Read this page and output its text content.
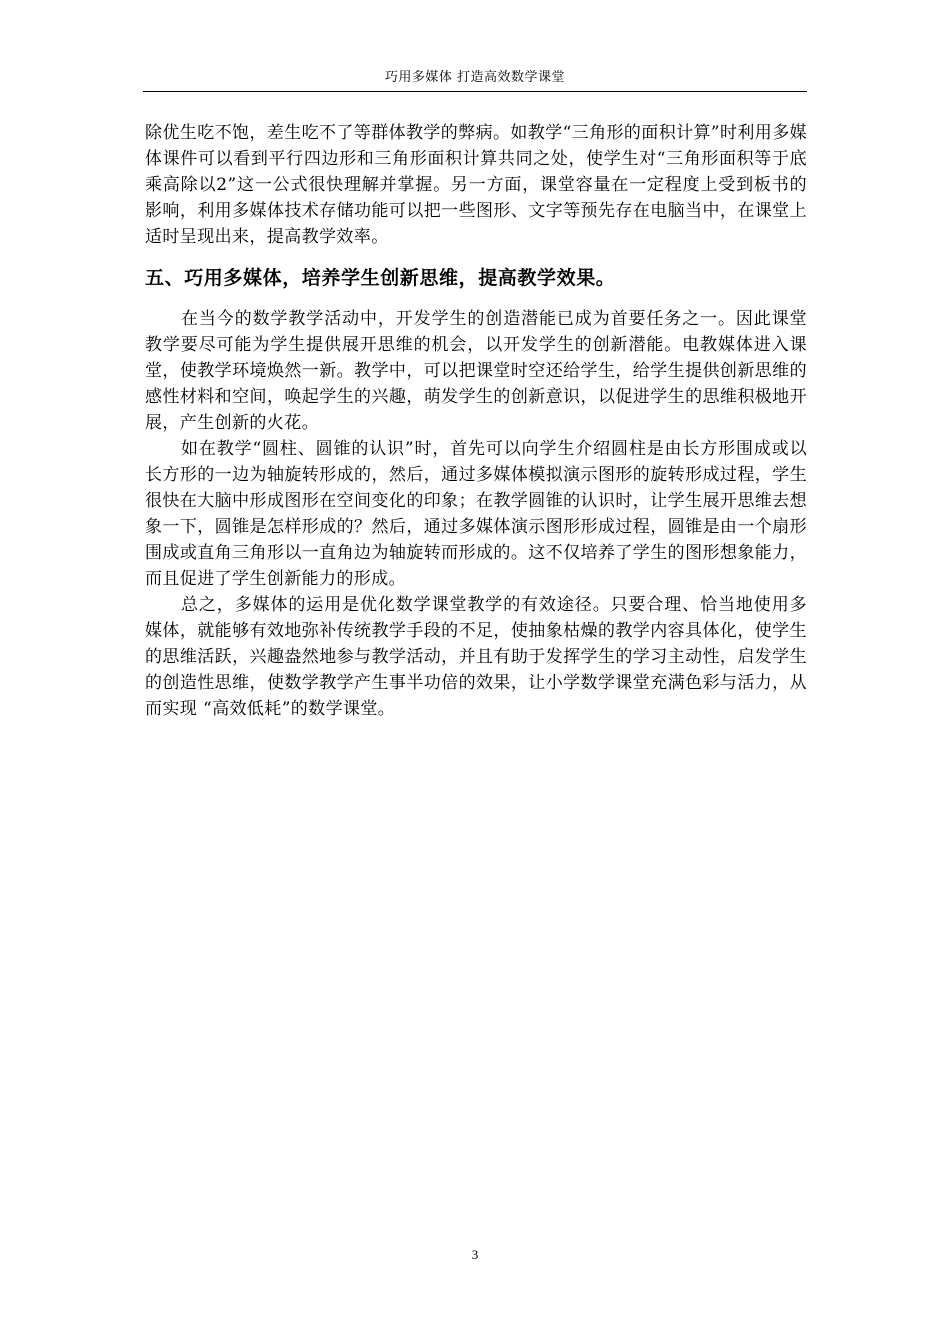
巧用多媒体 打造高效数学课堂

除优生吃不饱，差生吃不了等群体教学的弊病。如教学“三角形的面积计算”时利用多媒体课件可以看到平行四边形和三角形面积计算共同之处，使学生对“三角形面积等于底乘高除以2”这一公式很快理解并掌握。另一方面，课堂容量在一定程度上受到板书的影响，利用多媒体技术存储功能可以把一些图形、文字等预先存在电脑当中，在课堂上适时呈现出来，提高教学效率。

五、巧用多媒体，培养学生创新思维，提高教学效果。

在当今的数学教学活动中，开发学生的创造潜能已成为首要任务之一。因此课堂教学要尽可能为学生提供展开思维的机会，以开发学生的创新潜能。电教媒体进入课堂，使教学环境焕然一新。教学中，可以把课堂时空还给学生，给学生提供创新思维的感性材料和空间，唤起学生的兴趣，萌发学生的创新意识，以促进学生的思维积极地开展，产生创新的火花。

如在教学“圆柱、圆锥的认识”时，首先可以向学生介绍圆柱是由长方形围成或以长方形的一边为轴旋转形成的，然后，通过多媒体模拟演示图形的旋转形成过程，学生很快在大脑中形成图形在空间变化的印象；在教学圆锥的认识时，让学生展开思维去想象一下，圆锥是怎样形成的？然后，通过多媒体演示图形形成过程，圆锥是由一个扇形围成或直角三角形以一直角边为轴旋转而形成的。这不仅培养了学生的图形想象能力，而且促进了学生创新能力的形成。

总之，多媒体的运用是优化数学课堂教学的有效途径。只要合理、恰当地使用多媒体，就能够有效地弥补传统教学手段的不足，使抽象枯燥的教学内容具体化，使学生的思维活跃，兴趣盎然地参与教学活动，并且有助于发挥学生的学习主动性，启发学生的创造性思维，使数学教学产生事半功倍的效果，让小学数学课堂充满色彩与活力，从而实现 “高效低耗”的数学课堂。

3
